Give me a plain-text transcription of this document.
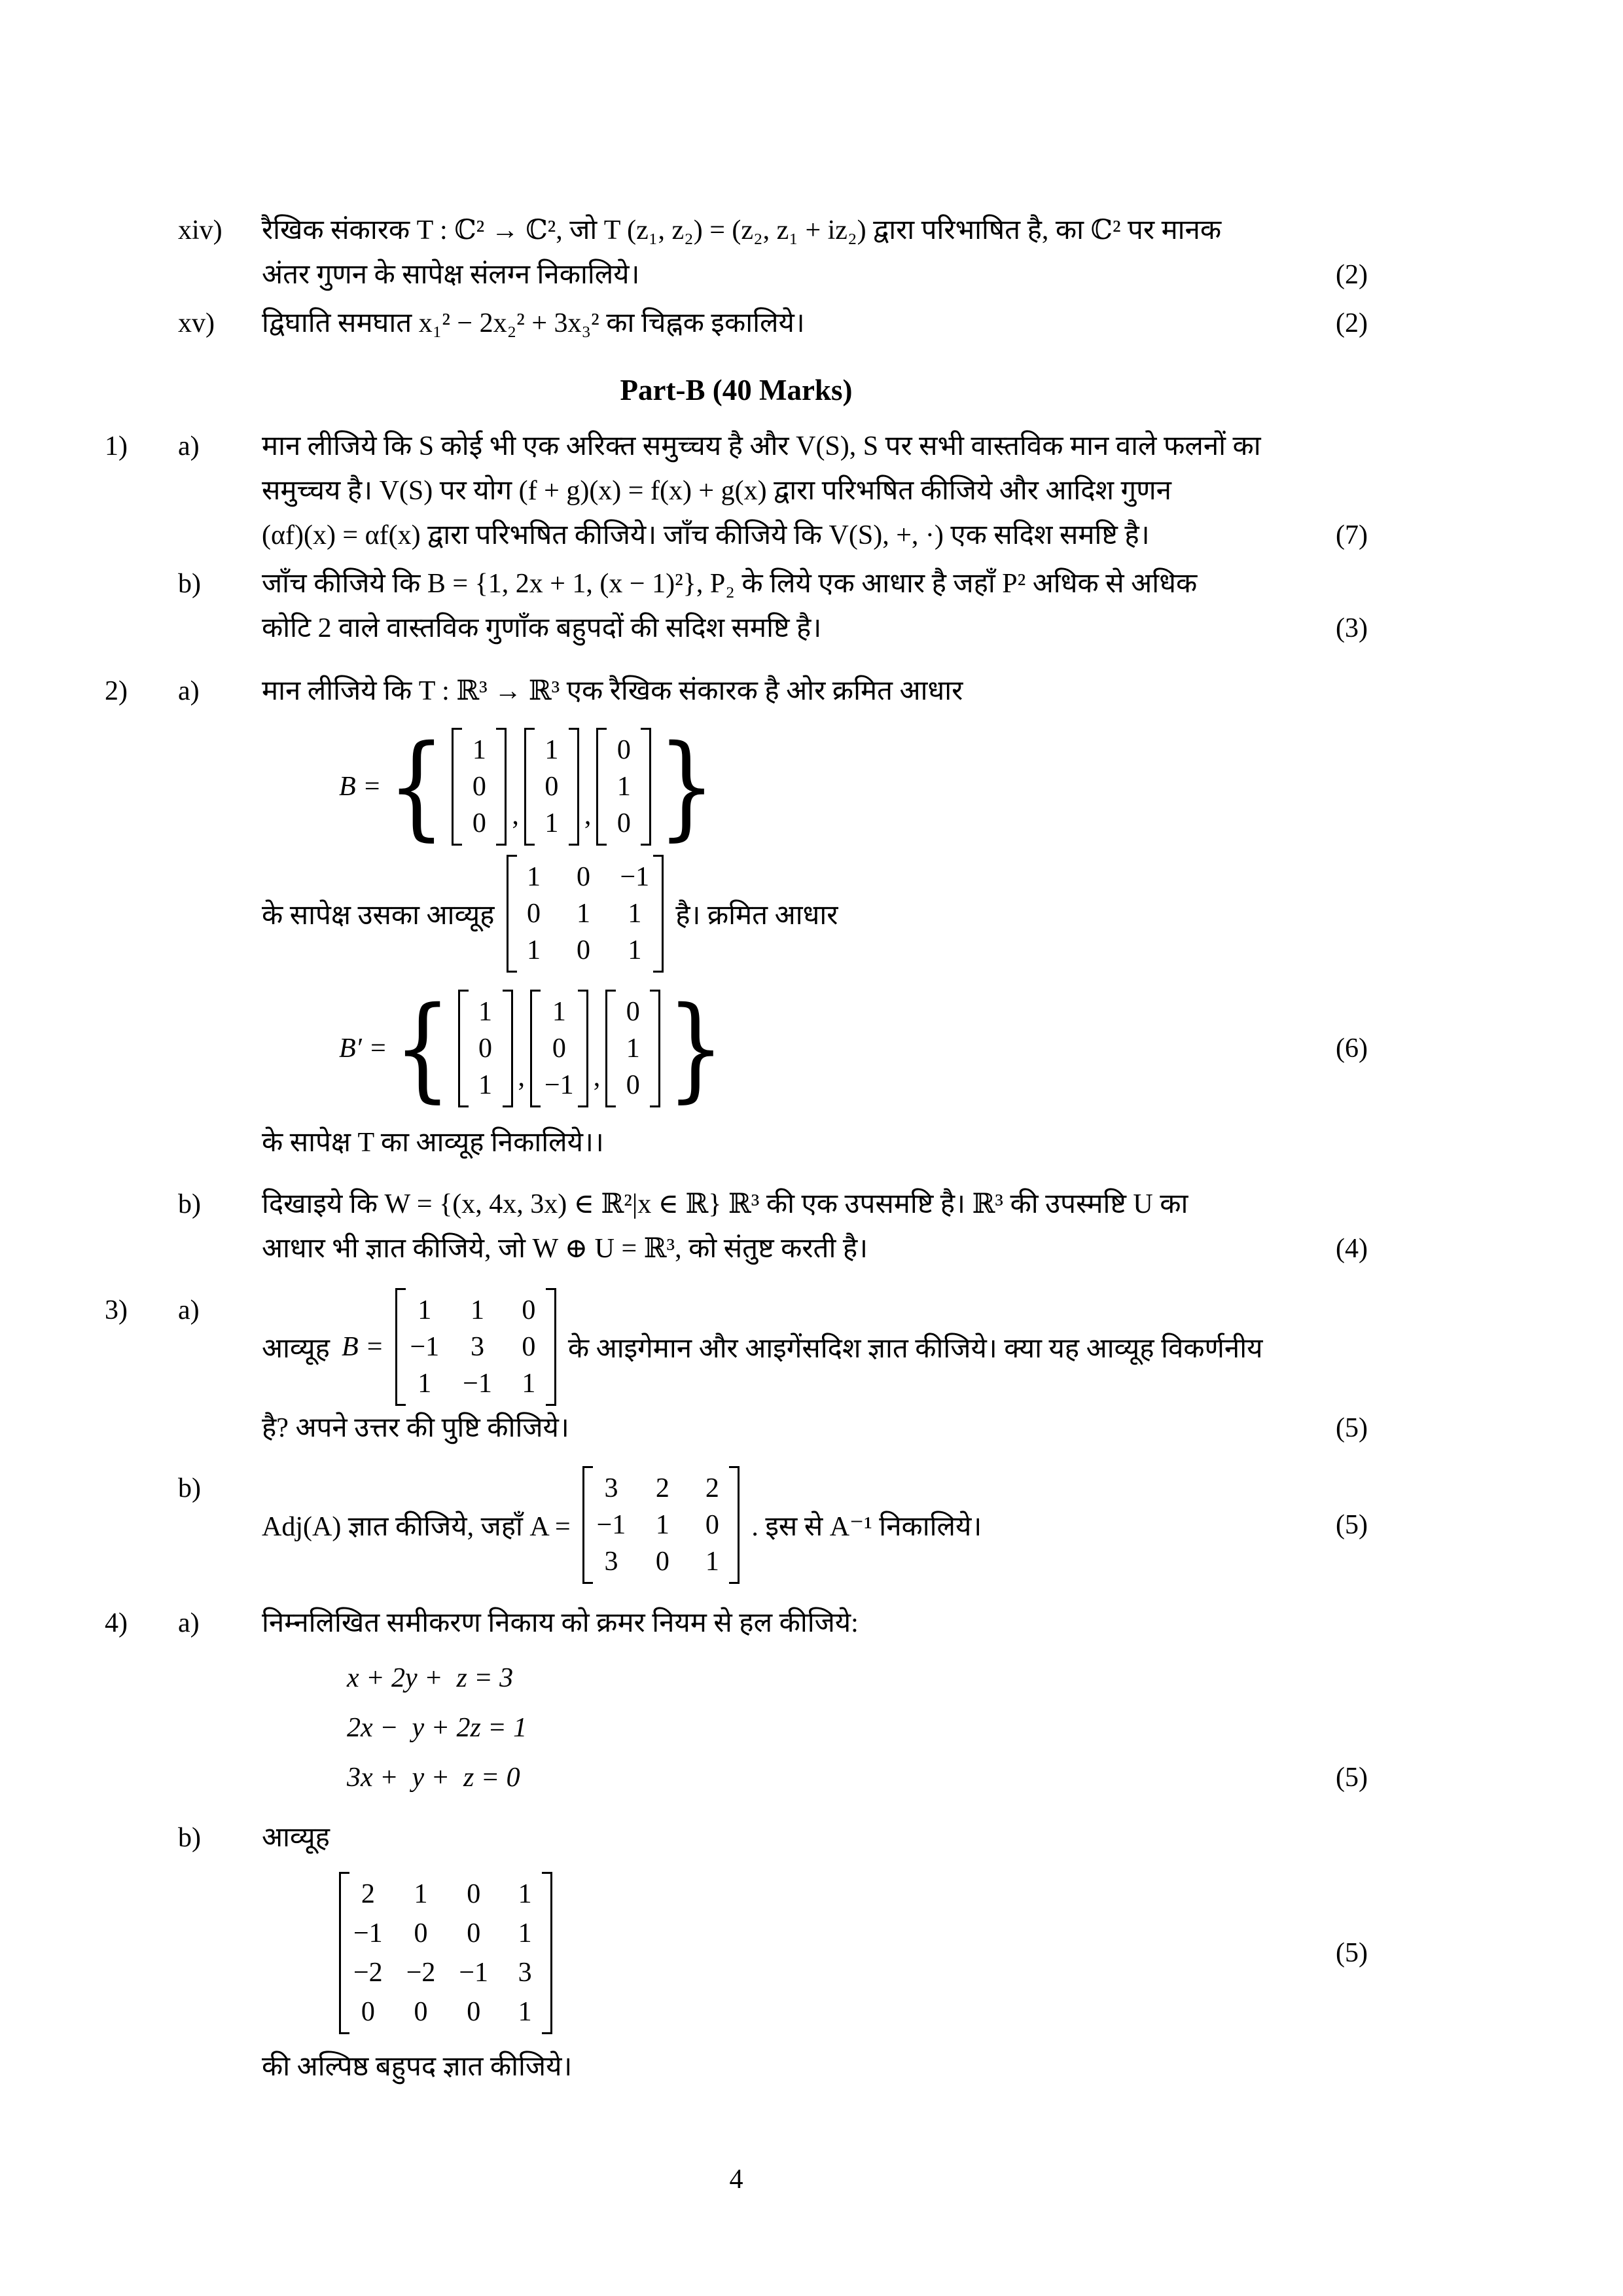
xiv)	रैखिक संकारक T : ℂ² → ℂ², जो T (z₁, z₂) = (z₂, z₁ + iz₂) द्वारा परिभाषित है, का ℂ² पर मानक
अंतर गुणन के सापेक्ष संलग्न निकालिये।	(2)
xv)	द्विघाति समघात x₁² − 2x₂² + 3x₃² का चिह्नक इकालिये।	(2)
Part-B (40 Marks)
1)	a)	मान लीजिये कि S कोई भी एक अरिक्त समुच्चय है और V(S), S पर सभी वास्तविक मान वाले फलनों का
समुच्चय है। V(S) पर योग (f + g)(x) = f(x) + g(x) द्वारा परिभषित कीजिये और आदिश गुणन
(αf)(x) = αf(x) द्वारा परिभषित कीजिये। जाँच कीजिये कि V(S), +, ·) एक सदिश समष्टि है।	(7)
b)	जाँच कीजिये कि B = {1, 2x + 1, (x − 1)²}, P₂ के लिये एक आधार है जहाँ P² अधिक से अधिक
कोटि 2 वाले वास्तविक गुणाँक बहुपदों की सदिश समष्टि है।	(3)
2)	a)	मान लीजिये कि T : ℝ³ → ℝ³ एक रैखिक संकारक है ओर क्रमित आधार
B = { 1
0
0 ,
1
0
1 ,
0
1
0 }
के सापेक्ष उसका आव्यूह
1 0 −1
0 1 1
1 0 1
है। क्रमित आधार
B′ = { 1
0
1 ,
1
0
−1 ,
0
1
0 }	(6)
के सापेक्ष T का आव्यूह निकालिये।।
b)	दिखाइये कि W = {(x, 4x, 3x) ∈ ℝ²|x ∈ ℝ} ℝ³ की एक उपसमष्टि है। ℝ³ की उपस्मष्टि U का
आधार भी ज्ञात कीजिये, जो W ⊕ U = ℝ³, को संतुष्ट करती है।	(4)
3)	a)
आव्यूह B =
1 1 0
−1 3 0
1 −1 1
के आइगेमान और आइगेंसदिश ज्ञात कीजिये। क्या यह आव्यूह विकर्णनीय
है? अपने उत्तर की पुष्टि कीजिये।	(5)
b)
Adj(A) ज्ञात कीजिये, जहाँ A =
3 2 2
−1 1 0
3 0 1
. इस से A⁻¹ निकालिये।	(5)
4)	a)	निम्नलिखित समीकरण निकाय को क्रमर नियम से हल कीजिये:
x + 2y + z = 3
2x − y + 2z = 1
3x + y + z = 0	(5)
b)	आव्यूह
2 1 0 1
−1 0 0 1
−2 −2 −1 3
0 0 0 1
(5)
की अल्पिष्ठ बहुपद ज्ञात कीजिये।
4
